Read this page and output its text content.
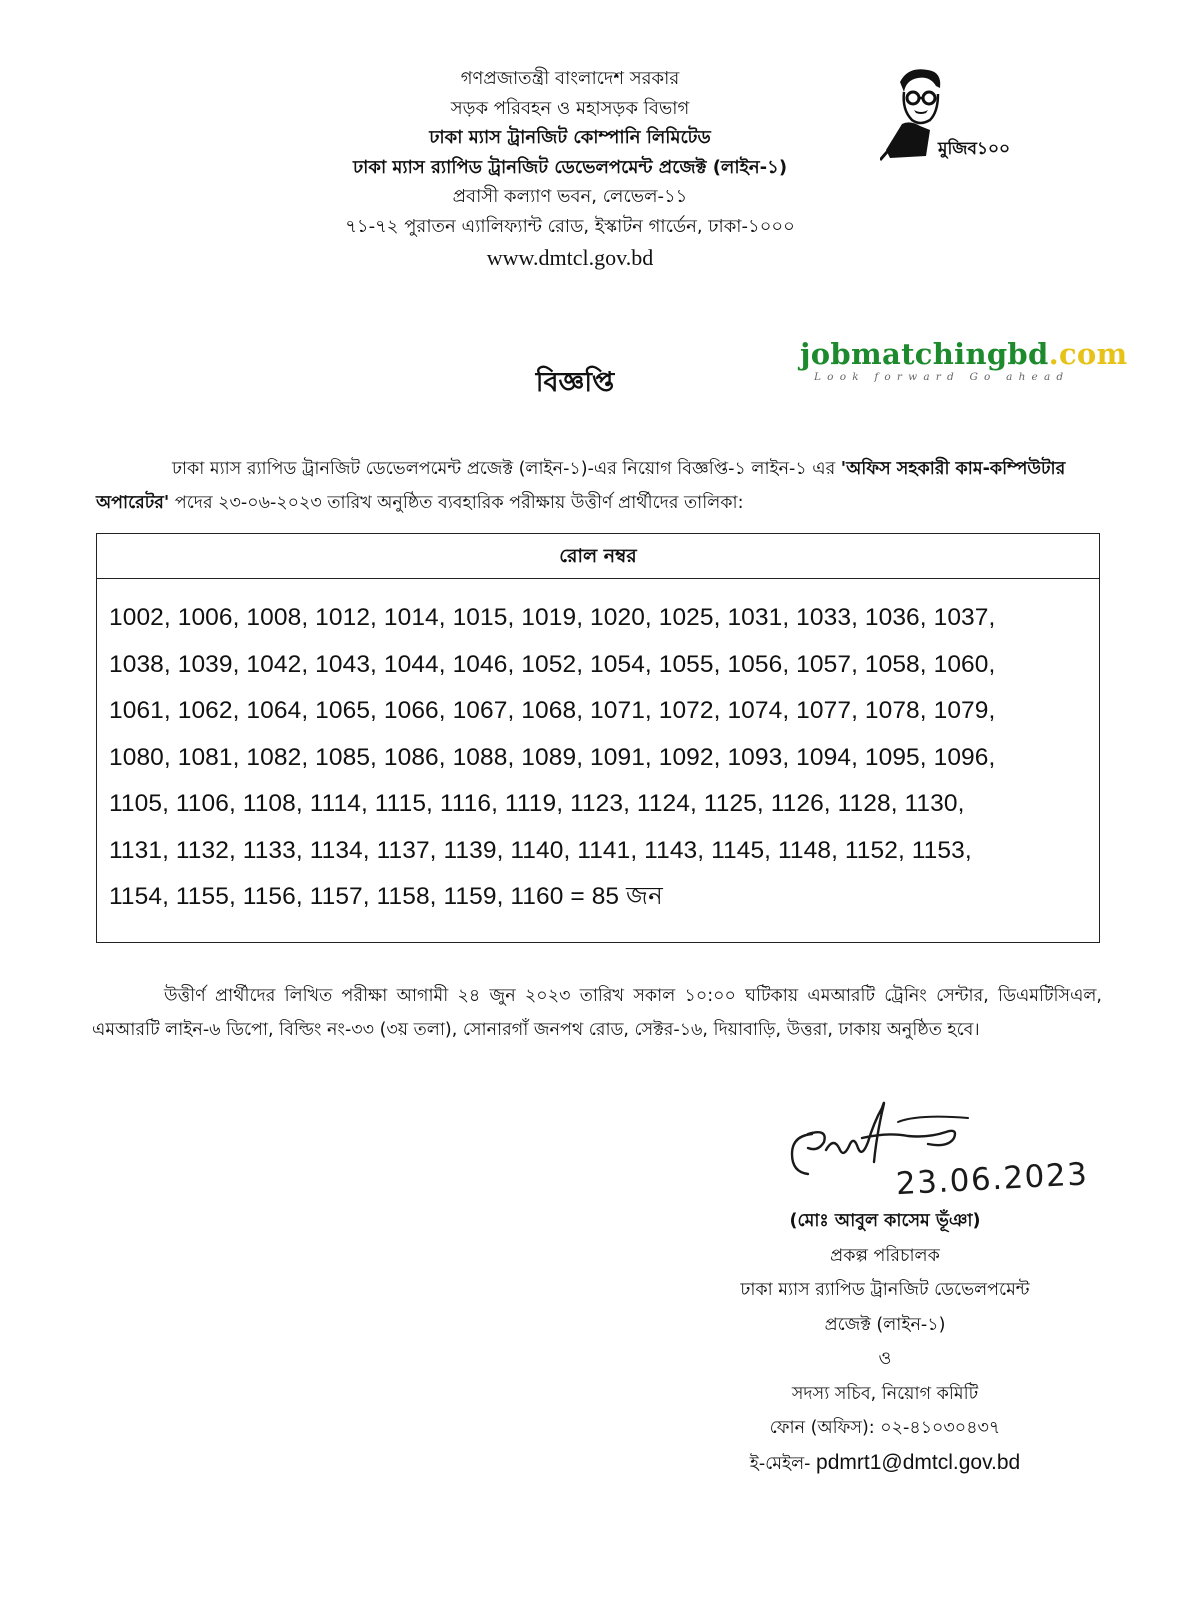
গণপ্রজাতন্ত্রী বাংলাদেশ সরকার
সড়ক পরিবহন ও মহাসড়ক বিভাগ
ঢাকা ম্যাস ট্রানজিট কোম্পানি লিমিটেড
ঢাকা ম্যাস র‍্যাপিড ট্রানজিট ডেভেলপমেন্ট প্রজেক্ট (লাইন-১)
প্রবাসী কল্যাণ ভবন, লেভেল-১১
৭১-৭২ পুরাতন এ্যালিফ্যান্ট রোড, ইস্কাটন গার্ডেন, ঢাকা-১০০০
www.dmtcl.gov.bd
মুজিব১০০
jobmatchingbd.com
Look forward Go ahead
বিজ্ঞপ্তি
ঢাকা ম্যাস র‍্যাপিড ট্রানজিট ডেভেলপমেন্ট প্রজেক্ট (লাইন-১)-এর নিয়োগ বিজ্ঞপ্তি-১ লাইন-১ এর 'অফিস সহকারী কাম-কম্পিউটার অপারেটর' পদের ২৩-০৬-২০২৩ তারিখ অনুষ্ঠিত ব্যবহারিক পরীক্ষায় উত্তীর্ণ প্রার্থীদের তালিকা:
রোল নম্বর
1002, 1006, 1008, 1012, 1014, 1015, 1019, 1020, 1025, 1031, 1033, 1036, 1037,
1038, 1039, 1042, 1043, 1044, 1046, 1052, 1054, 1055, 1056, 1057, 1058, 1060,
1061, 1062, 1064, 1065, 1066, 1067, 1068, 1071, 1072, 1074, 1077, 1078, 1079,
1080, 1081, 1082, 1085, 1086, 1088, 1089, 1091, 1092, 1093, 1094, 1095, 1096,
1105, 1106, 1108, 1114, 1115, 1116, 1119, 1123, 1124, 1125, 1126, 1128, 1130,
1131, 1132, 1133, 1134, 1137, 1139, 1140, 1141, 1143, 1145, 1148, 1152, 1153,
1154, 1155, 1156, 1157, 1158, 1159, 1160 = 85 জন
উত্তীর্ণ প্রার্থীদের লিখিত পরীক্ষা আগামী ২৪ জুন ২০২৩ তারিখ সকাল ১০:০০ ঘটিকায় এমআরটি ট্রেনিং সেন্টার, ডিএমটিসিএল, এমআরটি লাইন-৬ ডিপো, বিল্ডিং নং-৩৩ (৩য় তলা), সোনারগাঁ জনপথ রোড, সেক্টর-১৬, দিয়াবাড়ি, উত্তরা, ঢাকায় অনুষ্ঠিত হবে।
23.06.2023
(মোঃ আবুল কাসেম ভূঁঞা)
প্রকল্প পরিচালক
ঢাকা ম্যাস র‍্যাপিড ট্রানজিট ডেভেলপমেন্ট
প্রজেক্ট (লাইন-১)
ও
সদস্য সচিব, নিয়োগ কমিটি
ফোন (অফিস): ০২-৪১০৩০৪৩৭
ই-মেইল- pdmrt1@dmtcl.gov.bd
